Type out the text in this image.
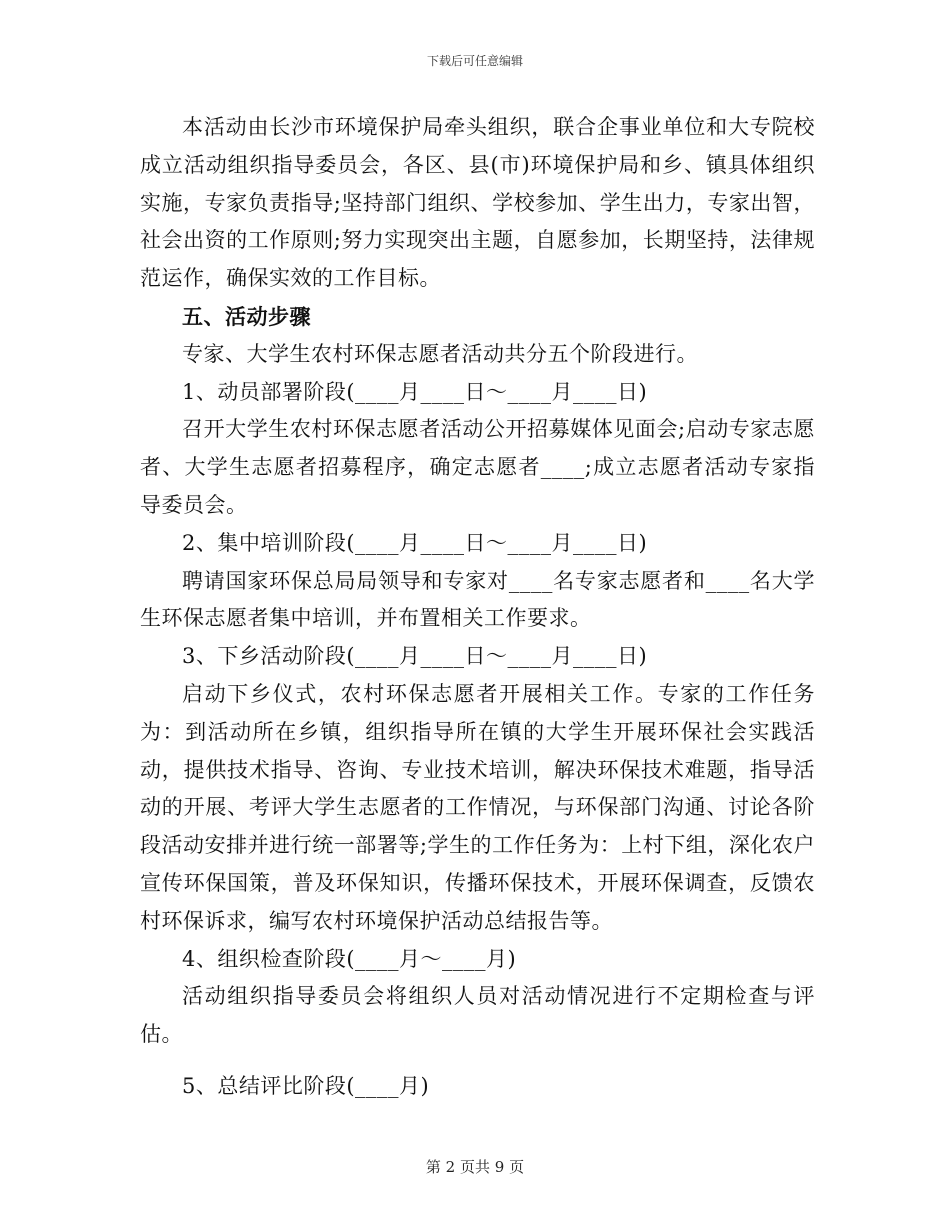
下载后可任意编辑

本活动由长沙市环境保护局牵头组织，联合企事业单位和大专院校成立活动组织指导委员会，各区、县(市)环境保护局和乡、镇具体组织实施，专家负责指导;坚持部门组织、学校参加、学生出力，专家出智，社会出资的工作原则;努力实现突出主题，自愿参加，长期坚持，法律规范运作，确保实效的工作目标。

五、活动步骤

专家、大学生农村环保志愿者活动共分五个阶段进行。

1、动员部署阶段(____月____日～____月____日)

召开大学生农村环保志愿者活动公开招募媒体见面会;启动专家志愿者、大学生志愿者招募程序，确定志愿者____;成立志愿者活动专家指导委员会。

2、集中培训阶段(____月____日～____月____日)

聘请国家环保总局局领导和专家对____名专家志愿者和____名大学生环保志愿者集中培训，并布置相关工作要求。

3、下乡活动阶段(____月____日～____月____日)

启动下乡仪式，农村环保志愿者开展相关工作。专家的工作任务为：到活动所在乡镇，组织指导所在镇的大学生开展环保社会实践活动，提供技术指导、咨询、专业技术培训，解决环保技术难题，指导活动的开展、考评大学生志愿者的工作情况，与环保部门沟通、讨论各阶段活动安排并进行统一部署等;学生的工作任务为：上村下组，深化农户宣传环保国策，普及环保知识，传播环保技术，开展环保调查，反馈农村环保诉求，编写农村环境保护活动总结报告等。

4、组织检查阶段(____月～____月)

活动组织指导委员会将组织人员对活动情况进行不定期检查与评估。

5、总结评比阶段(____月)

第 2 页共 9 页
